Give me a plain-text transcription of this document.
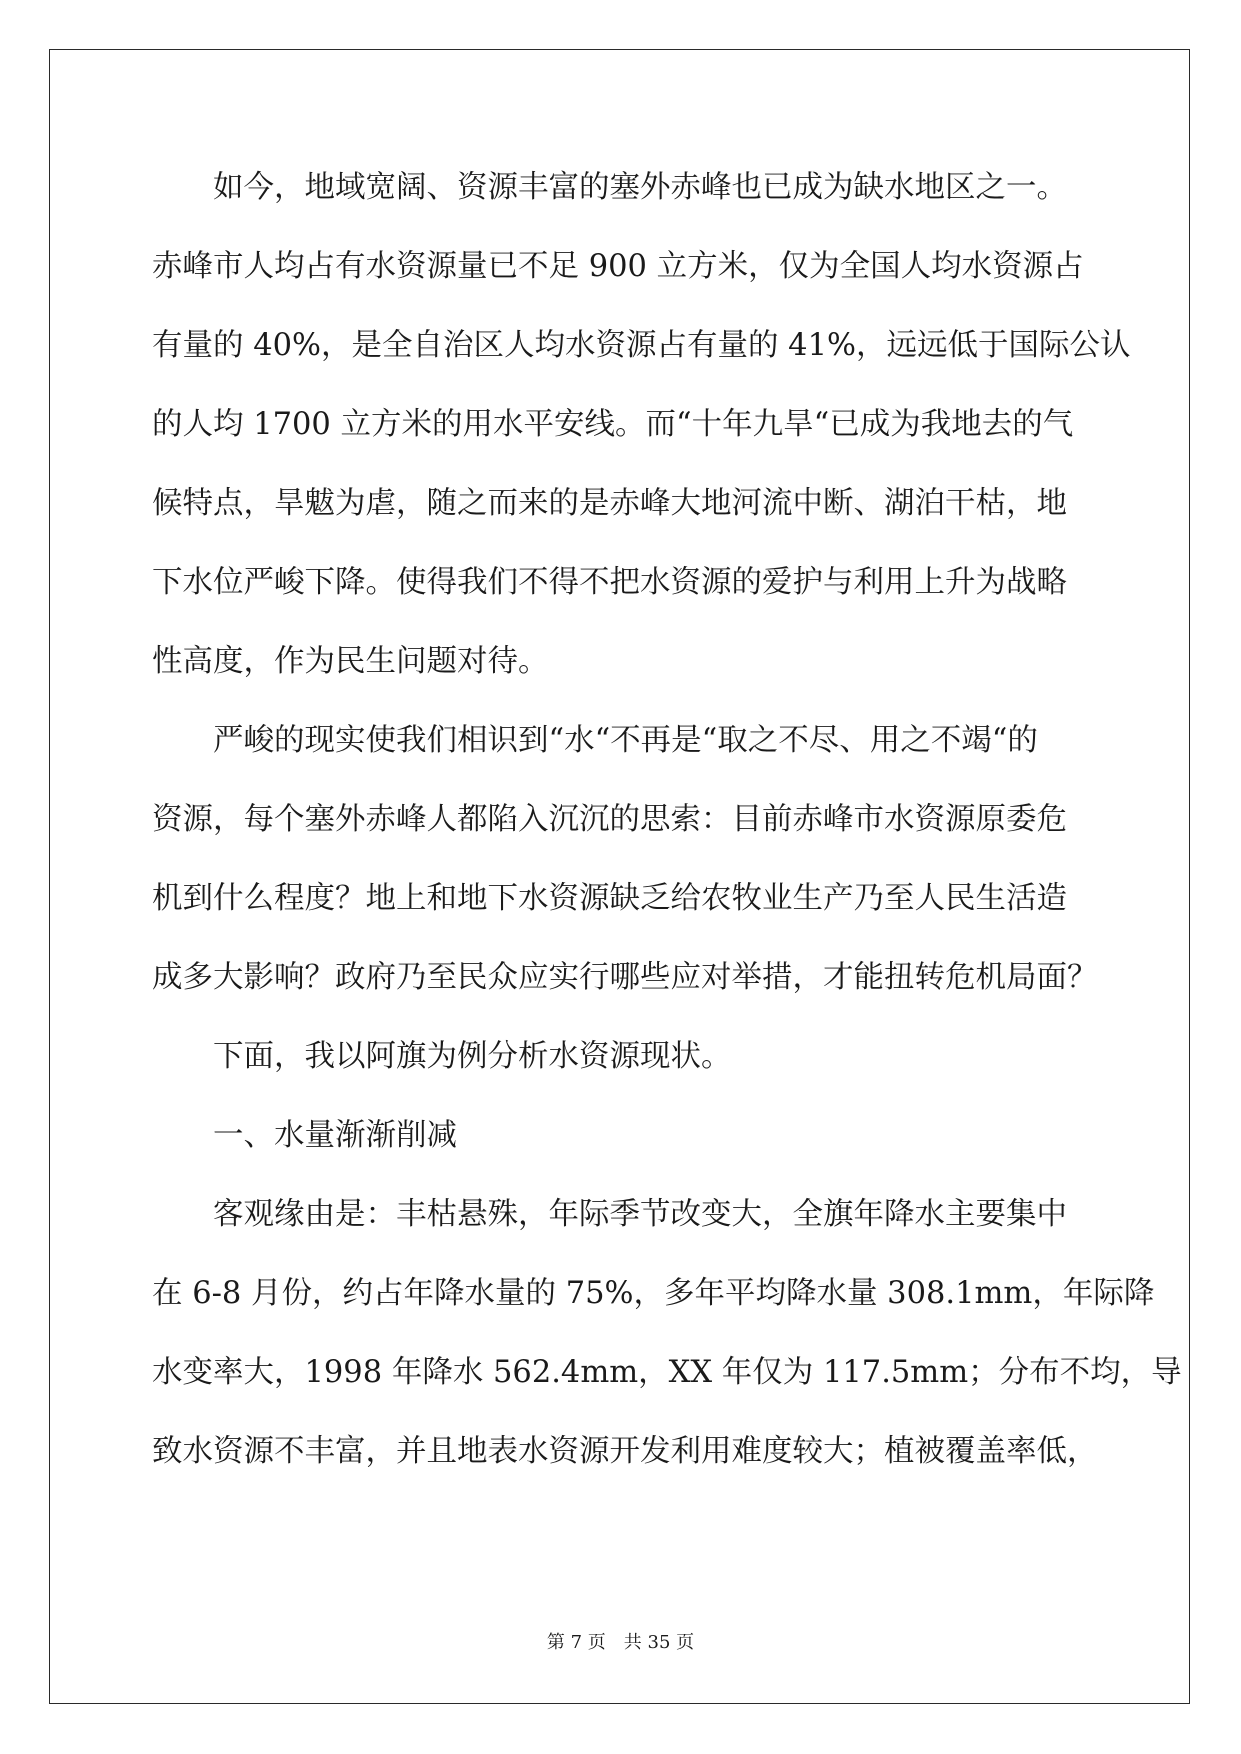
如今，地域宽阔、资源丰富的塞外赤峰也已成为缺水地区之一。

赤峰市人均占有水资源量已不足 900 立方米，仅为全国人均水资源占

有量的 40%，是全自治区人均水资源占有量的 41%，远远低于国际公认

的人均 1700 立方米的用水平安线。而“十年九旱“已成为我地去的气

候特点，旱魃为虐，随之而来的是赤峰大地河流中断、湖泊干枯，地

下水位严峻下降。使得我们不得不把水资源的爱护与利用上升为战略

性高度，作为民生问题对待。

严峻的现实使我们相识到“水“不再是“取之不尽、用之不竭“的

资源，每个塞外赤峰人都陷入沉沉的思索：目前赤峰市水资源原委危

机到什么程度？地上和地下水资源缺乏给农牧业生产乃至人民生活造

成多大影响？政府乃至民众应实行哪些应对举措，才能扭转危机局面？

下面，我以阿旗为例分析水资源现状。

一、水量渐渐削减

客观缘由是：丰枯悬殊，年际季节改变大，全旗年降水主要集中

在 6-8 月份，约占年降水量的 75%，多年平均降水量 308.1mm，年际降

水变率大，1998 年降水 562.4mm，XX 年仅为 117.5mm；分布不均，导

致水资源不丰富，并且地表水资源开发利用难度较大；植被覆盖率低，

第 7 页　共 35 页
